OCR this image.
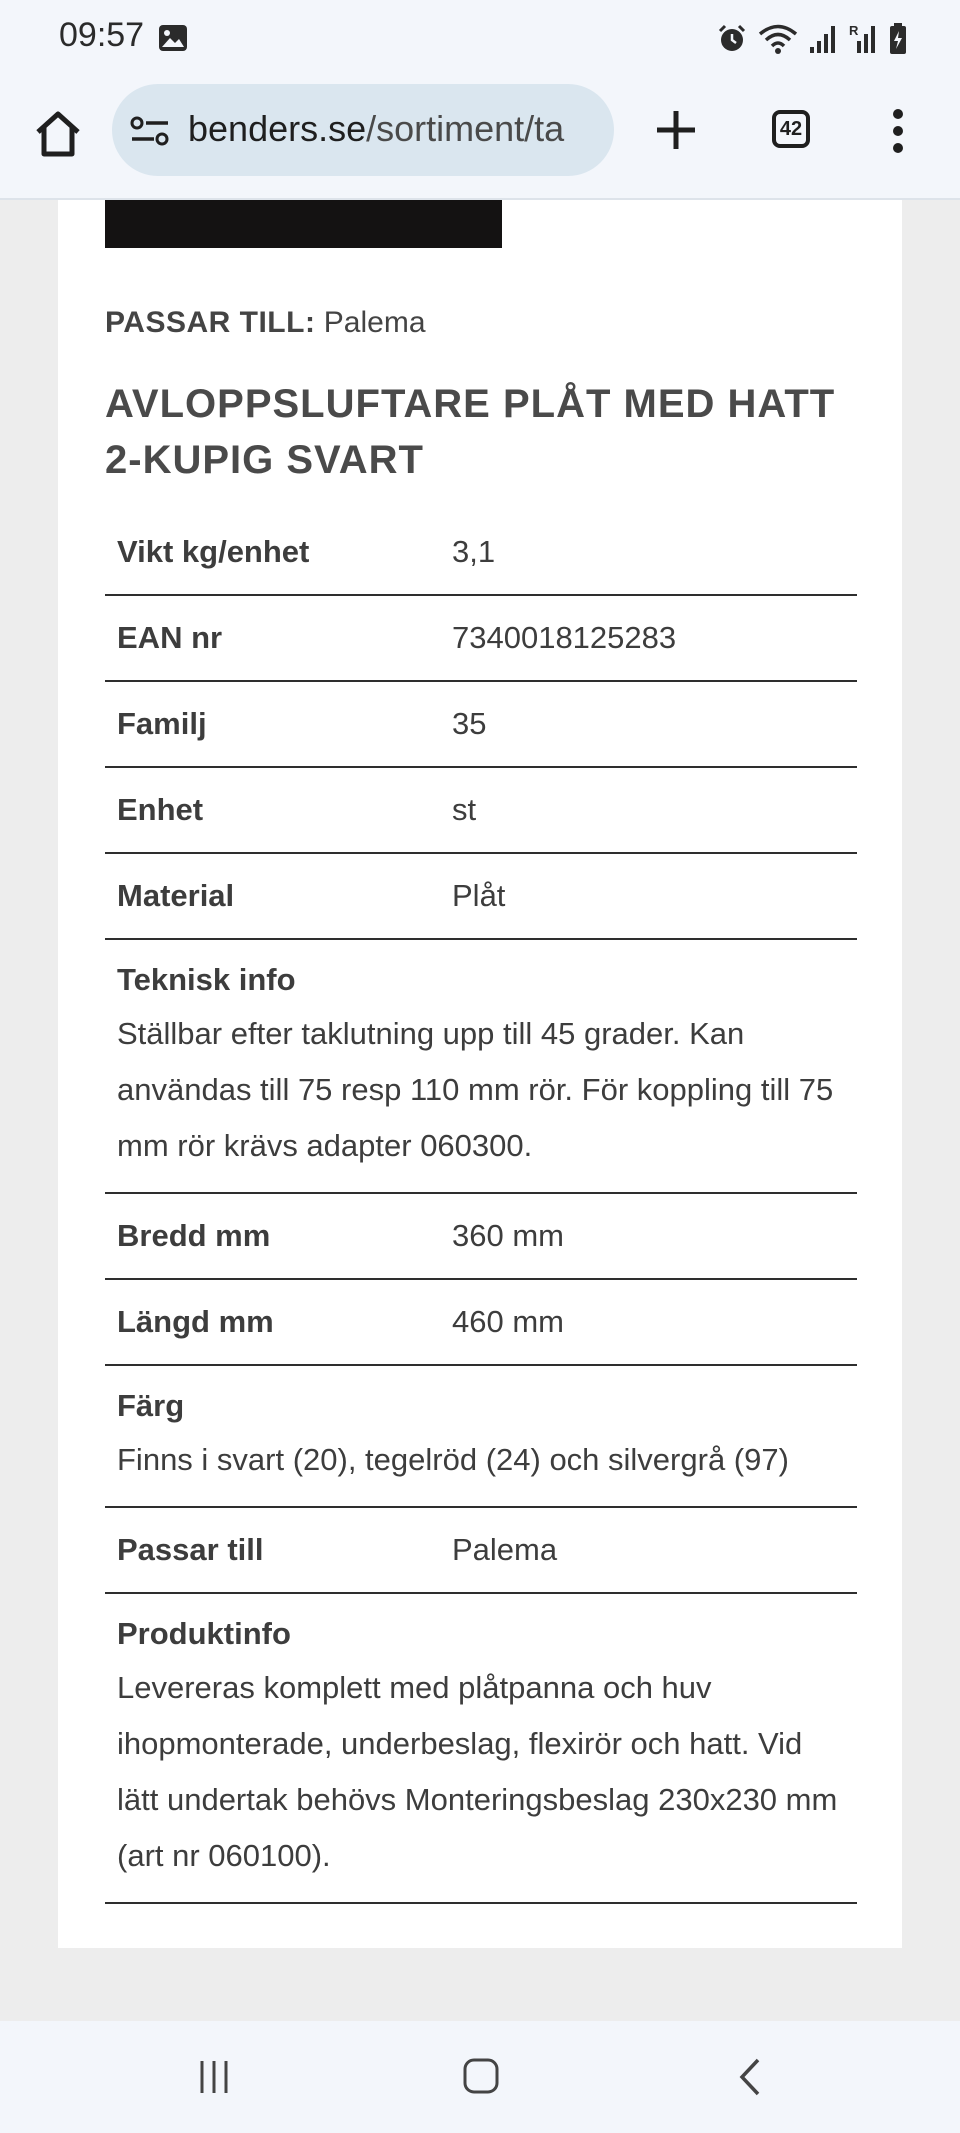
09:57	R
benders.se/sortiment/ta	42
PASSAR TILL: Palema
AVLOPPSLUFTARE PLÅT MED HATT 2-KUPIG SVART
Vikt kg/enhet	3,1
EAN nr	7340018125283
Familj	35
Enhet	st
Material	Plåt
Teknisk info
Ställbar efter taklutning upp till 45 grader. Kan användas till 75 resp 110 mm rör. För koppling till 75 mm rör krävs adapter 060300.
Bredd mm	360 mm
Längd mm	460 mm
Färg
Finns i svart (20), tegelröd (24) och silvergrå (97)
Passar till	Palema
Produktinfo
Levereras komplett med plåtpanna och huv ihopmonterade, underbeslag, flexirör och hatt. Vid lätt undertak behövs Monteringsbeslag 230x230 mm (art nr 060100).
